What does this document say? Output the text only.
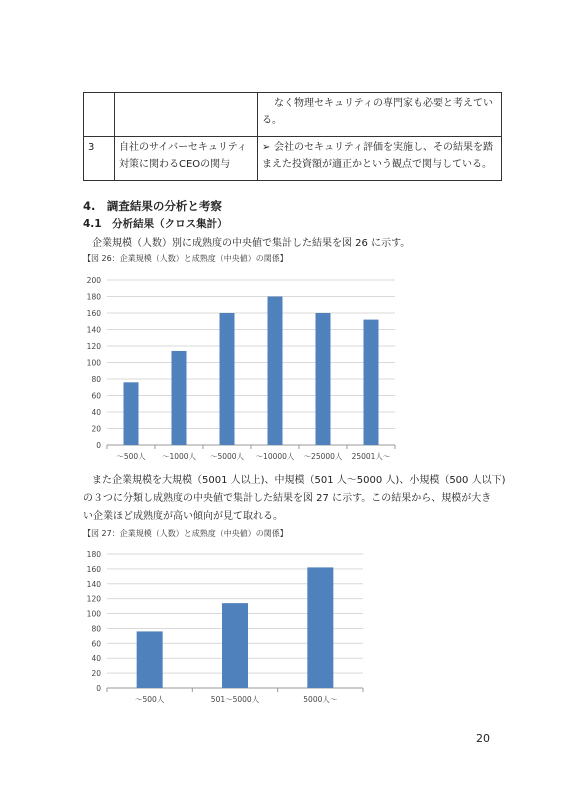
		なく物理セキュリティの専門家も必要と考えている。
3	自社のサイバーセキュリティ対策に関わるCEOの関与	➢ 会社のセキュリティ評価を実施し、その結果を踏まえた投資額が適正かという観点で関与している。
4.　調査結果の分析と考察
4.1　分析結果（クロス集計）
企業規模（人数）別に成熟度の中央値で集計した結果を図 26 に示す。
【図 26：企業規模（人数）と成熟度（中央値）の関係】
0
20
40
60
80
100
120
140
160
180
200
〜500人 〜1000人 〜5000人 〜10000人 〜25000人 25001人〜
また企業規模を大規模（5001 人以上)、中規模（501 人〜5000 人)、小規模（500 人以下)
の３つに分類し成熟度の中央値で集計した結果を図 27 に示す。この結果から、規模が大き
い企業ほど成熟度が高い傾向が見て取れる。
【図 27：企業規模（人数）と成熟度（中央値）の関係】
0
20
40
60
80
100
120
140
160
180
〜500人	501〜5000人	5000人〜
20
